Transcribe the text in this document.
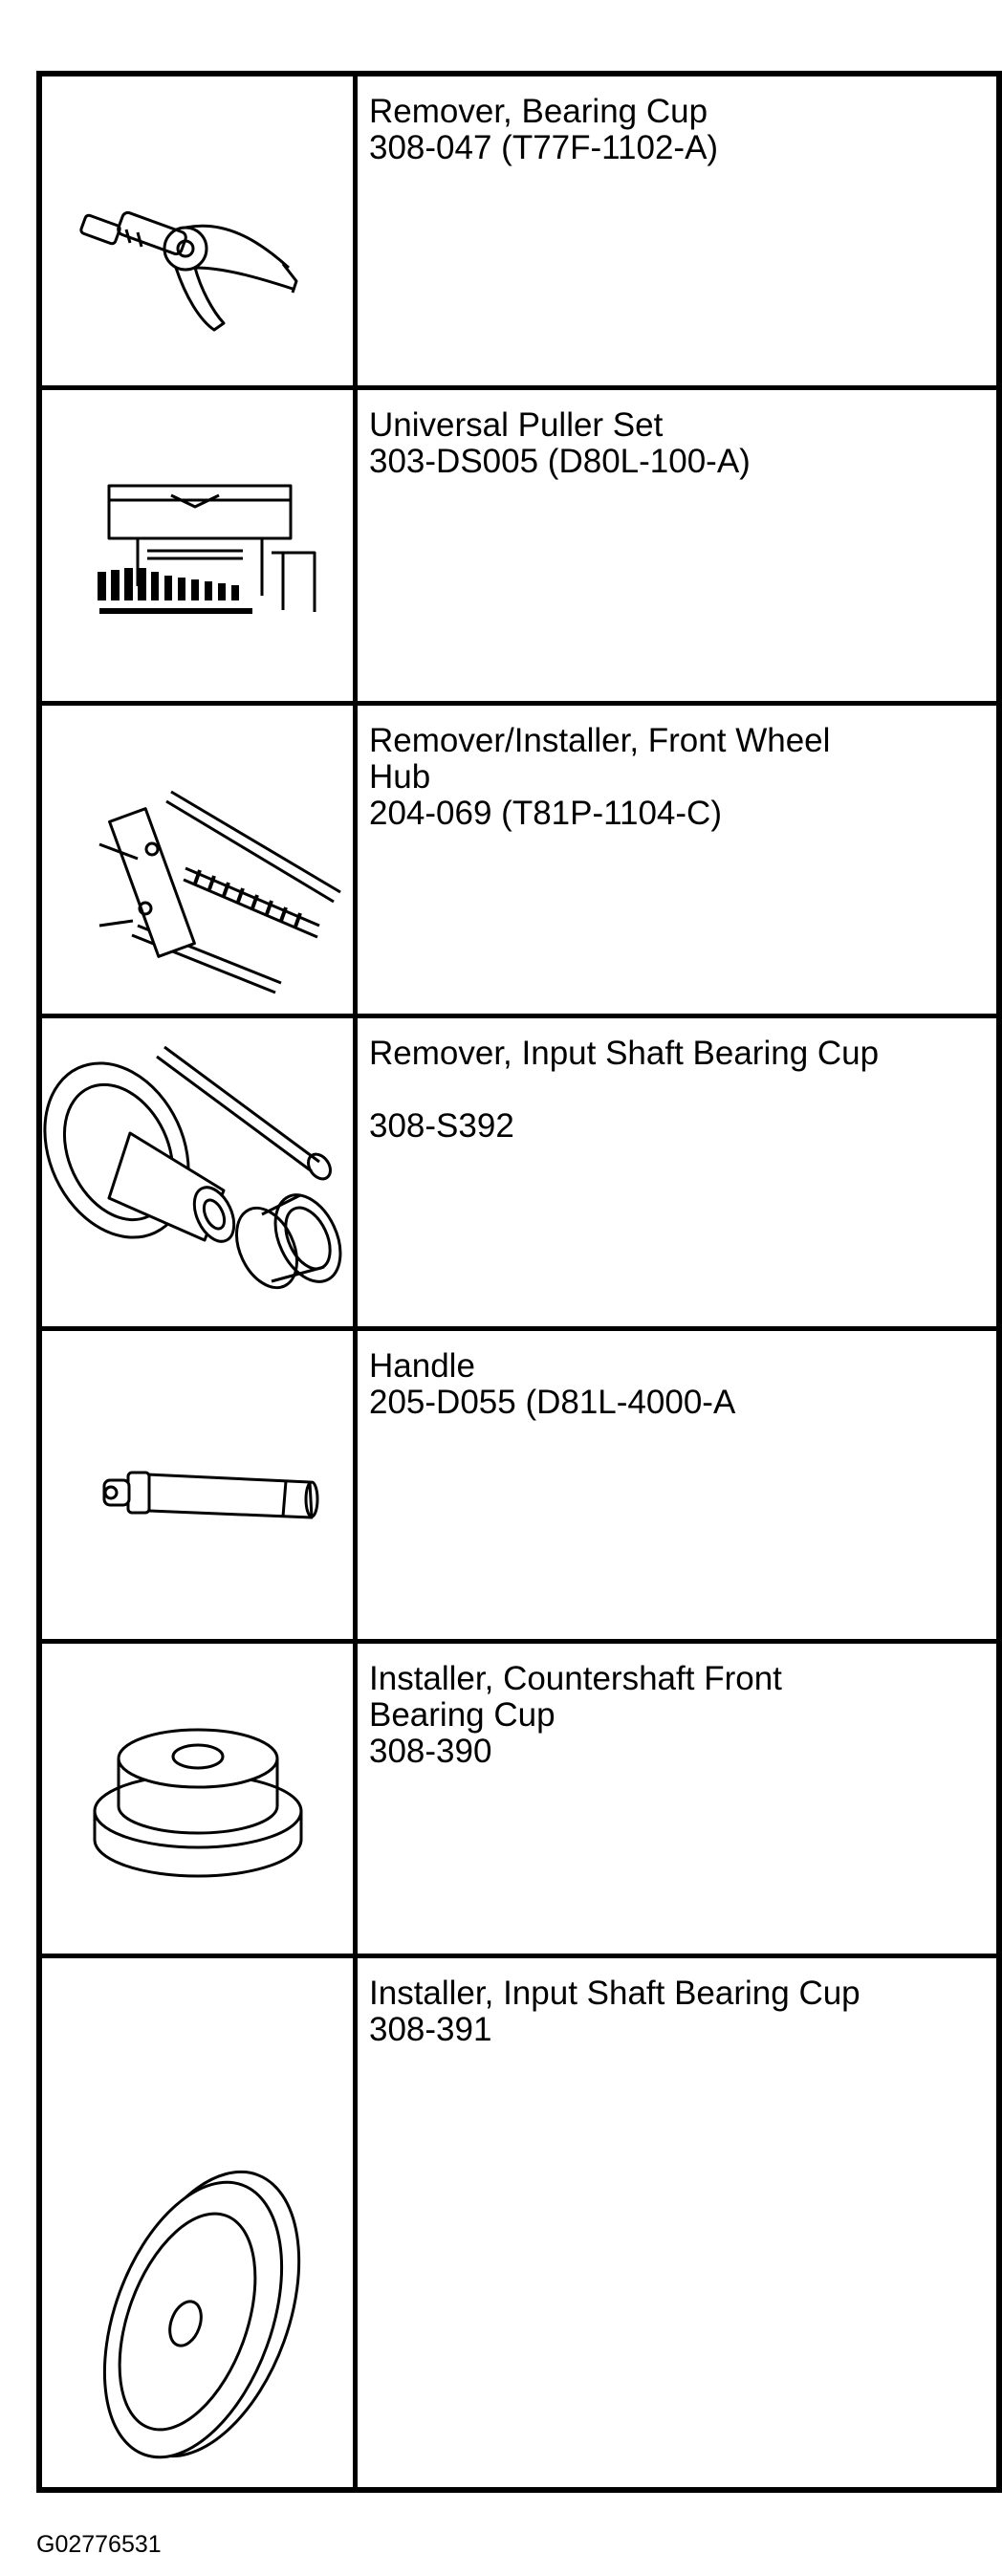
Remover, Bearing Cup
308-047 (T77F-1102-A)

Universal Puller Set
303-DS005 (D80L-100-A)

Remover/Installer, Front Wheel
Hub
204-069 (T81P-1104-C)

Remover, Input Shaft Bearing Cup
308-S392

Handle
205-D055 (D81L-4000-A

Installer, Countershaft Front
Bearing Cup
308-390

Installer, Input Shaft Bearing Cup
308-391
G02776531
